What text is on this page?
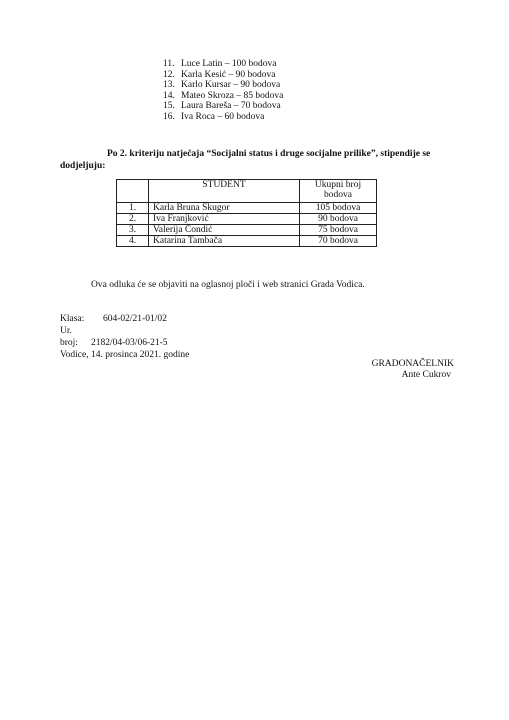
11. Luce Latin – 100 bodova
12. Karla Kesić – 90 bodova
13. Karlo Kursar – 90 bodova
14. Mateo Skroza – 85 bodova
15. Laura Bareša – 70 bodova
16. Iva Roca – 60 bodova
Po 2. kriteriju natječaja “Socijalni status i druge socijalne prilike”, stipendije se
dodjeljuju:
	STUDENT	Ukupni broj bodova
1.	Karla Bruna Škugor	105 bodova
2.	Iva Franjković	90 bodova
3.	Valerija Čondić	75 bodova
4.	Katarina Tambača	70 bodova
Ova odluka će se objaviti na oglasnoj ploči i web stranici Grada Vodica.
Klasa: 604-02/21-01/02
Ur. broj: 2182/04-03/06-21-5
Vodice, 14. prosinca 2021. godine
GRADONAČELNIK

Ante Cukrov
